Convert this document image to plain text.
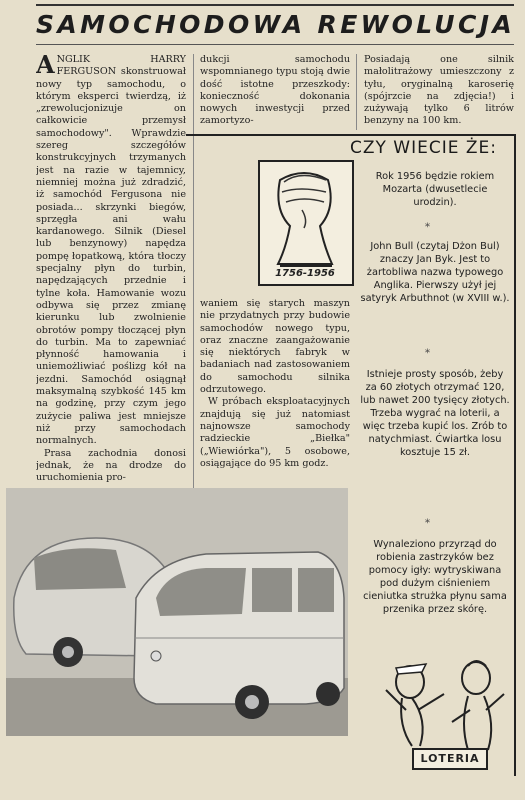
SAMOCHODOWA REWOLUCJA

ANGLIK HARRY FERGUSON skonstruował nowy typ samochodu, o którym eksperci twierdzą, iż „zrewolucjonizuje on całkowicie przemysł samochodowy". Wprawdzie szereg szczegółów konstrukcyjnych trzymanych jest na razie w tajemnicy, niemniej można już zdradzić, iż samochód Fergusona nie posiada... skrzynki biegów, sprzęgła ani wału kardanowego. Silnik (Diesel lub benzynowy) napędza pompę łopatkową, która tłoczy specjalny płyn do turbin, napędzających przednie i tylne koła. Hamowanie wozu odbywa się przez zmianę kierunku lub zwolnienie obrotów pompy tłoczącej płyn do turbin. Ma to zapewniać płynność hamowania i uniemożliwiać poślizg kół na jezdni. Samochód osiągnął maksymalną szybkość 145 km na godzinę, przy czym jego zużycie paliwa jest mniejsze niż przy samochodach normalnych.

Prasa zachodnia donosi jednak, że na drodze do uruchomienia pro-

dukcji samochodu wspomnianego typu stoją dwie dość istotne przeszkody: konieczność dokonania nowych inwestycji przed zamortyzo-

Posiadają one silnik małolitrażowy umieszczony z tyłu, oryginalną karoserię (spójrzcie na zdjęcia!) i zużywają tylko 6 litrów benzyny na 100 km.

CZY WIECIE ŻE:
1756-1956

waniem się starych maszyn nie przydatnych przy budowie samochodów nowego typu, oraz znaczne zaangażowanie się niektórych fabryk w badaniach nad zastosowaniem do samochodu silnika odrzutowego.

W próbach eksploatacyjnych znajdują się już natomiast najnowsze samochody radzieckie „Biełka" („Wiewiórka"), 5 osobowe, osiągające do 95 km godz.

Rok 1956 będzie rokiem Mozarta (dwusetlecie urodzin).
*
John Bull (czytaj Dżon Bul) znaczy Jan Byk. Jest to żartobliwa nazwa typowego Anglika. Pierwszy użył jej satyryk Arbuthnot (w XVIII w.).
*
Istnieje prosty sposób, żeby za 60 złotych otrzymać 120, lub nawet 200 tysięcy złotych. Trzeba wygrać na loterii, a więc trzeba kupić los. Zrób to natychmiast. Ćwiartka losu kosztuje 15 zł.
*
Wynaleziono przyrząd do robienia zastrzyków bez pomocy igły: wytryskiwana pod dużym ciśnieniem cieniutka strużka płynu sama przenika przez skórę.
LOTERIA
